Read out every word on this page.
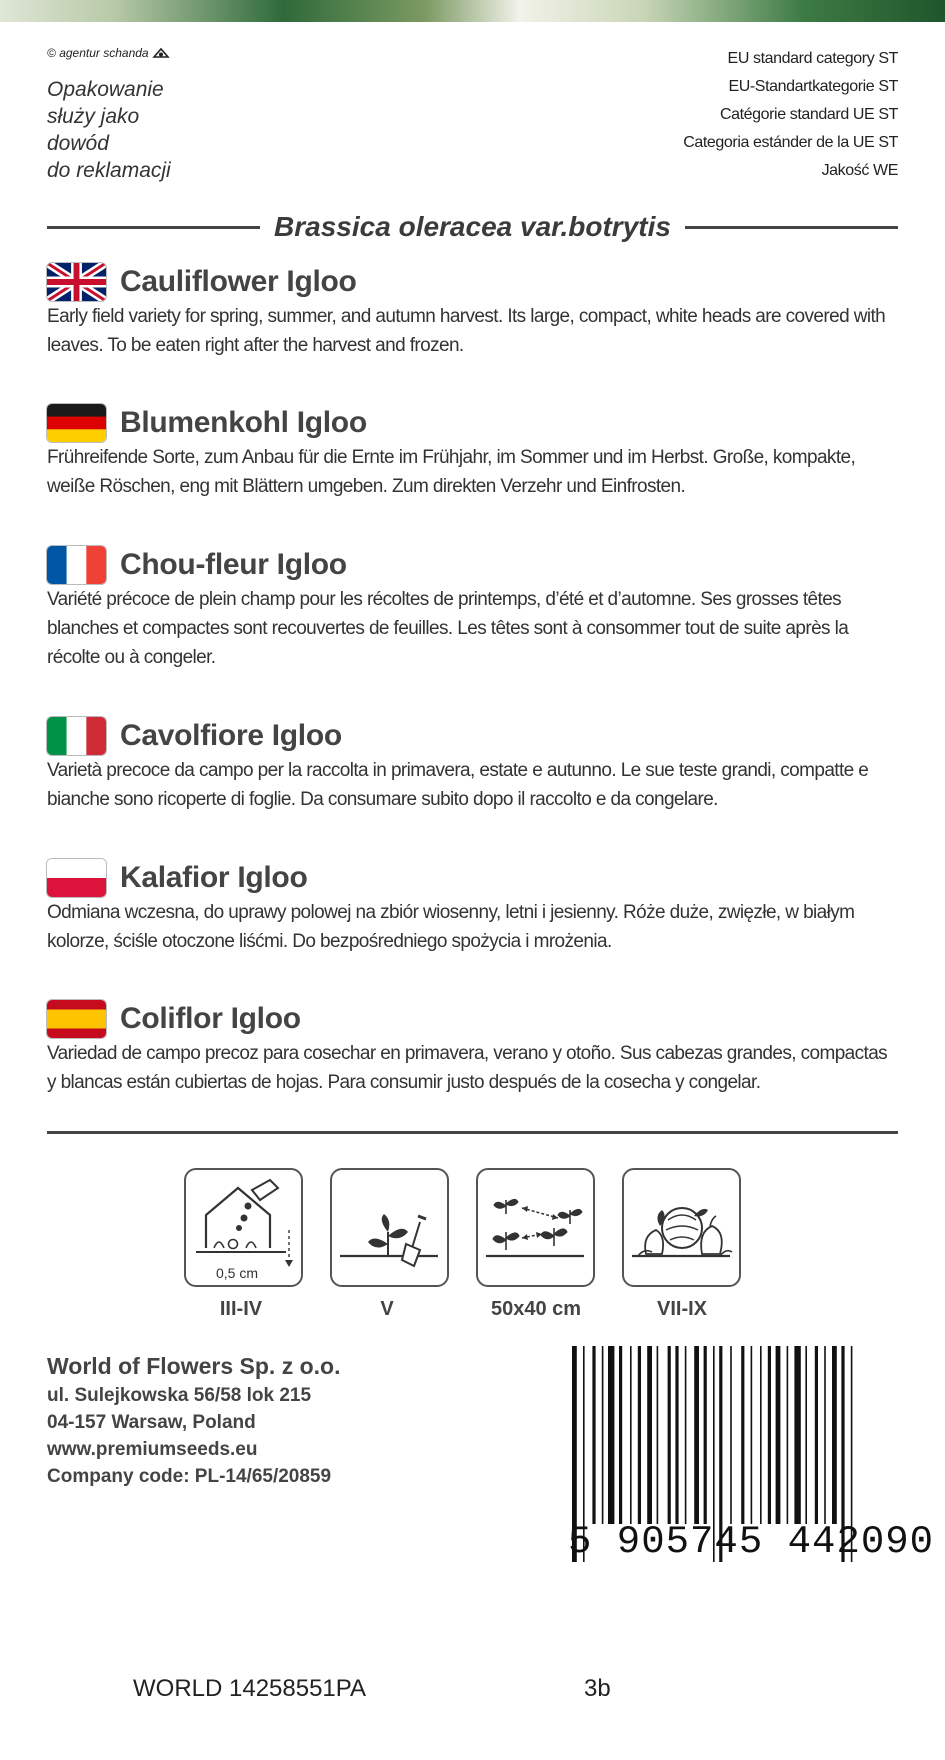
© agentur schanda
Opakowanie
służy jako
dowód
do reklamacji
EU standard category ST
EU-Standartkategorie ST
Catégorie standard UE ST
Categoria estánder de la UE ST
Jakość WE
Brassica oleracea var.botrytis
Cauliflower Igloo
Early field variety for spring, summer, and autumn harvest. Its large, compact, white heads are covered with leaves. To be eaten right after the harvest and frozen.
Blumenkohl Igloo
Frühreifende Sorte, zum Anbau für die Ernte im Frühjahr, im Sommer und im Herbst. Große, kompakte, weiße Röschen, eng mit Blättern umgeben. Zum direkten Verzehr und Einfrosten.
Chou-fleur Igloo
Variété précoce de plein champ pour les récoltes de printemps, d’été et d’automne. Ses grosses têtes blanches et compactes sont recouvertes de feuilles. Les têtes sont à consommer tout de suite après la récolte ou à congeler.
Cavolfiore Igloo
Varietà precoce da campo per la raccolta in primavera, estate e autunno. Le sue teste grandi, compatte e bianche sono ricoperte di foglie. Da consumare subito dopo il raccolto e da congelare.
Kalafior Igloo
Odmiana wczesna, do uprawy polowej na zbiór wiosenny, letni i jesienny. Róże duże, zwięzłe, w białym kolorze, ściśle otoczone liśćmi. Do bezpośredniego spożycia i mrożenia.
Coliflor Igloo
Variedad de campo precoz para cosechar en primavera, verano y otoño. Sus cabezas grandes, compactas y blancas están cubiertas de hojas. Para consumir justo después de la cosecha y congelar.
0,5 cm
III-IV	V	50x40 cm	VII-IX
World of Flowers Sp. z o.o.
ul. Sulejkowska 56/58 lok 215
04-157 Warsaw, Poland
www.premiumseeds.eu
Company code: PL-14/65/20859
5 905745 442090
WORLD 14258551PA	3b
